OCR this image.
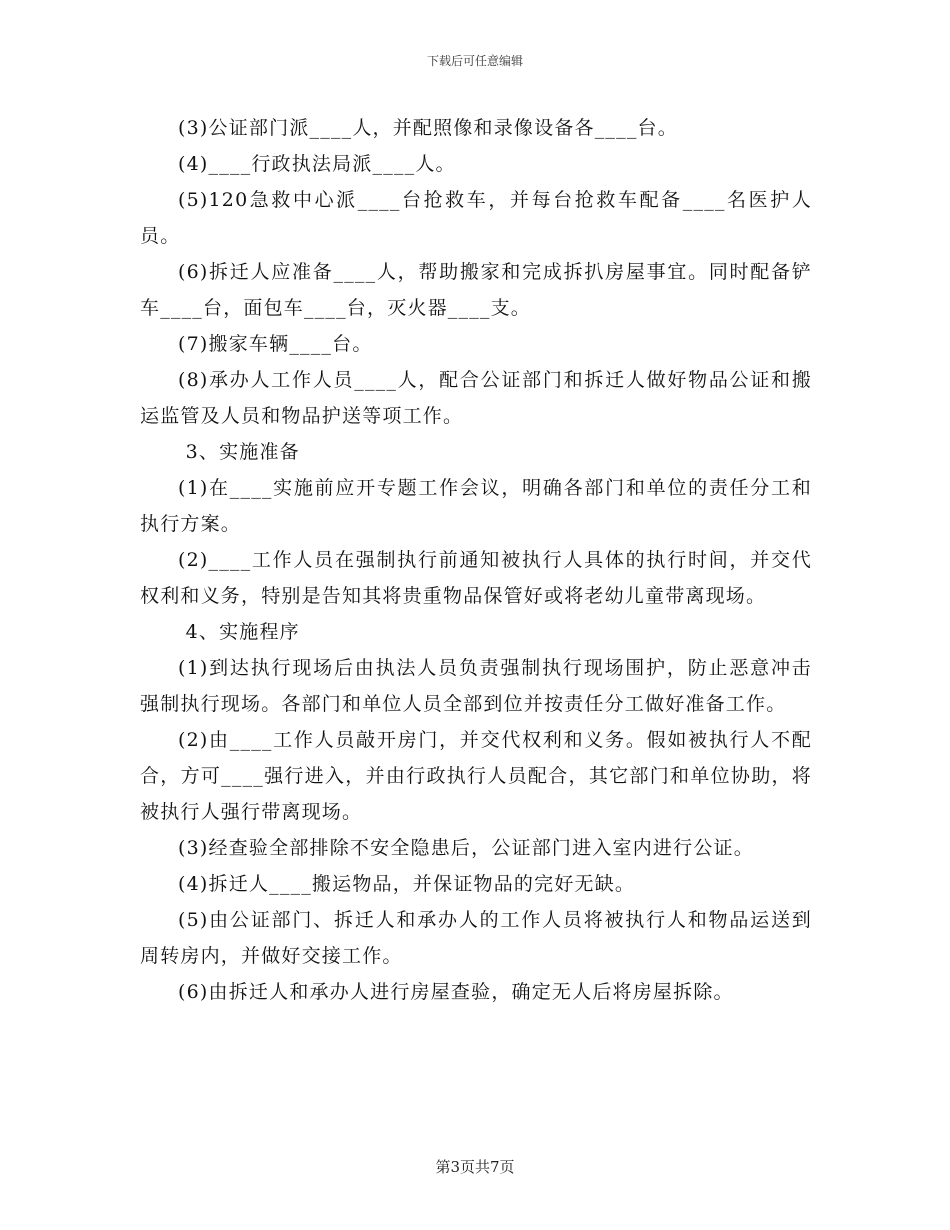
下载后可任意编辑

(3)公证部门派____人，并配照像和录像设备各____台。

(4)____行政执法局派____人。

(5)120急救中心派____台抢救车，并每台抢救车配备____名医护人员。

(6)拆迁人应准备____人，帮助搬家和完成拆扒房屋事宜。同时配备铲车____台，面包车____台，灭火器____支。

(7)搬家车辆____台。

(8)承办人工作人员____人，配合公证部门和拆迁人做好物品公证和搬运监管及人员和物品护送等项工作。

3、实施准备

(1)在____实施前应开专题工作会议，明确各部门和单位的责任分工和执行方案。

(2)____工作人员在强制执行前通知被执行人具体的执行时间，并交代权利和义务，特别是告知其将贵重物品保管好或将老幼儿童带离现场。

4、实施程序

(1)到达执行现场后由执法人员负责强制执行现场围护，防止恶意冲击强制执行现场。各部门和单位人员全部到位并按责任分工做好准备工作。

(2)由____工作人员敲开房门，并交代权利和义务。假如被执行人不配合，方可____强行进入，并由行政执行人员配合，其它部门和单位协助，将被执行人强行带离现场。

(3)经查验全部排除不安全隐患后，公证部门进入室内进行公证。

(4)拆迁人____搬运物品，并保证物品的完好无缺。

(5)由公证部门、拆迁人和承办人的工作人员将被执行人和物品运送到周转房内，并做好交接工作。

(6)由拆迁人和承办人进行房屋查验，确定无人后将房屋拆除。

第3页共7页
